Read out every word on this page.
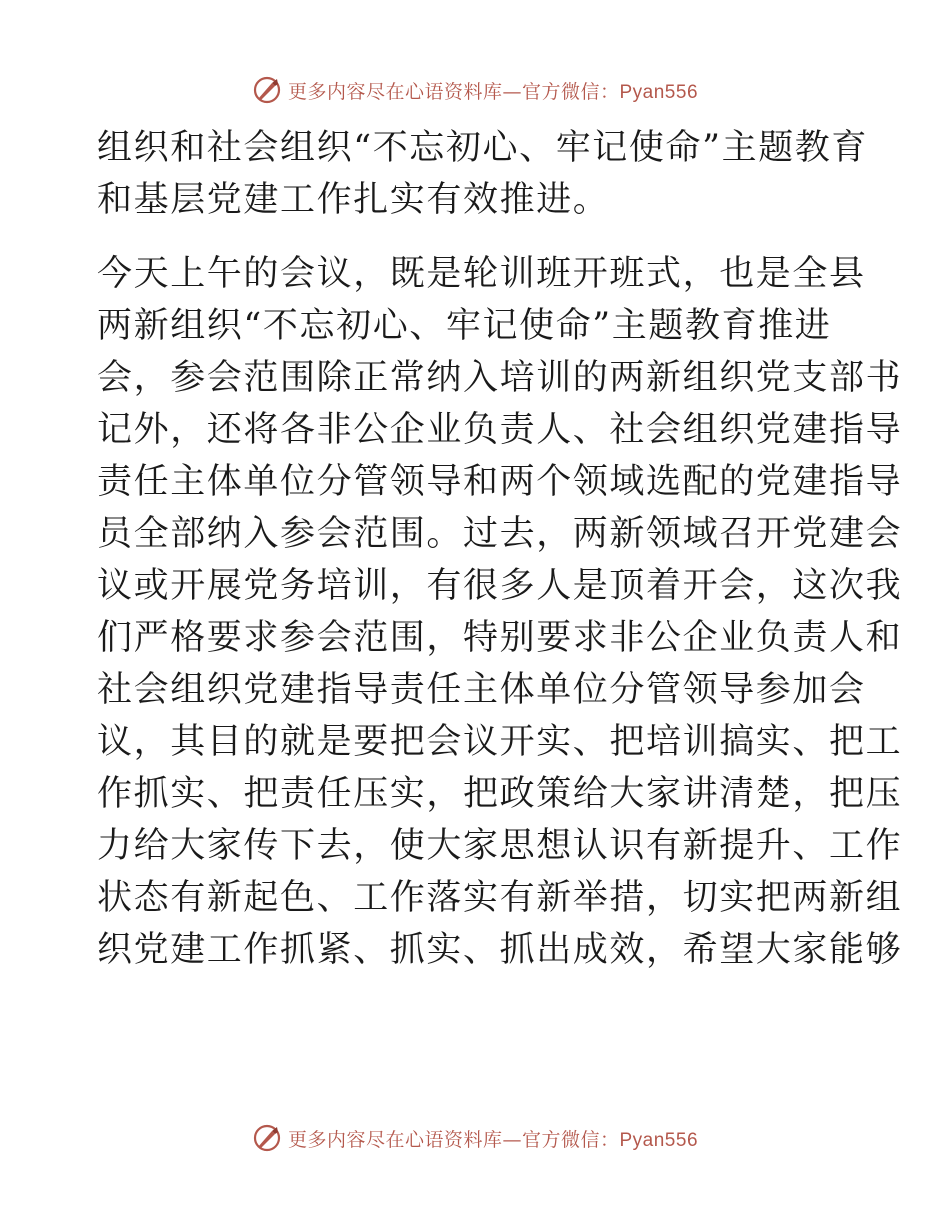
更多内容尽在心语资料库—官方微信：Pyan556
组织和社会组织“不忘初心、牢记使命”主题教育
和基层党建工作扎实有效推进。
今天上午的会议，既是轮训班开班式，也是全县
两新组织“不忘初心、牢记使命”主题教育推进
会，参会范围除正常纳入培训的两新组织党支部书
记外，还将各非公企业负责人、社会组织党建指导
责任主体单位分管领导和两个领域选配的党建指导
员全部纳入参会范围。过去，两新领域召开党建会
议或开展党务培训，有很多人是顶着开会，这次我
们严格要求参会范围，特别要求非公企业负责人和
社会组织党建指导责任主体单位分管领导参加会
议，其目的就是要把会议开实、把培训搞实、把工
作抓实、把责任压实，把政策给大家讲清楚，把压
力给大家传下去，使大家思想认识有新提升、工作
状态有新起色、工作落实有新举措，切实把两新组
织党建工作抓紧、抓实、抓出成效，希望大家能够
更多内容尽在心语资料库—官方微信：Pyan556
